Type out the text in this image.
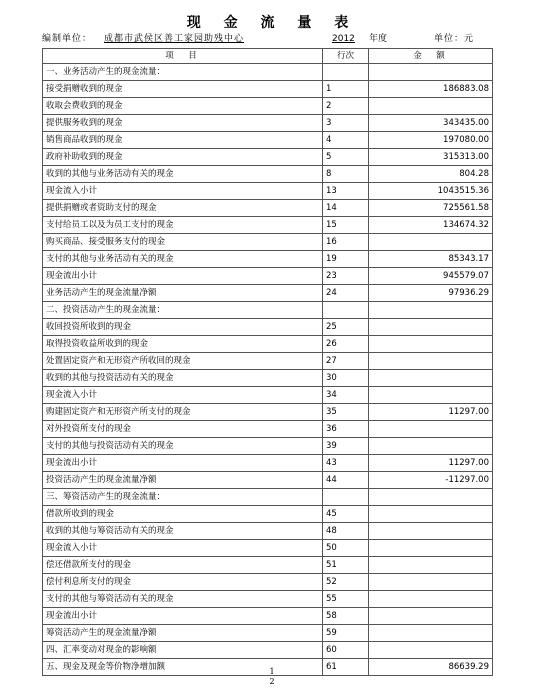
现 金 流 量 表
编制单位： 成都市武侯区善工家园助残中心	2012 年度	单位：元
项　目	行次	金　额
一、业务活动产生的现金流量：		
接受捐赠收到的现金	1	186883.08
收取会费收到的现金	2	
提供服务收到的现金	3	343435.00
销售商品收到的现金	4	197080.00
政府补助收到的现金	5	315313.00
收到的其他与业务活动有关的现金	8	804.28
现金流入小计	13	1043515.36
提供捐赠或者资助支付的现金	14	725561.58
支付给员工以及为员工支付的现金	15	134674.32
购买商品、接受服务支付的现金	16	
支付的其他与业务活动有关的现金	19	85343.17
现金流出小计	23	945579.07
业务活动产生的现金流量净额	24	97936.29
二、投资活动产生的现金流量：		
收回投资所收到的现金	25	
取得投资收益所收到的现金	26	
处置固定资产和无形资产所收回的现金	27	
收到的其他与投资活动有关的现金	30	
现金流入小计	34	
购建固定资产和无形资产所支付的现金	35	11297.00
对外投资所支付的现金	36	
支付的其他与投资活动有关的现金	39	
现金流出小计	43	11297.00
投资活动产生的现金流量净额	44	-11297.00
三、筹资活动产生的现金流量：		
借款所收到的现金	45	
收到的其他与筹资活动有关的现金	48	
现金流入小计	50	
偿还借款所支付的现金	51	
偿付利息所支付的现金	52	
支付的其他与筹资活动有关的现金	55	
现金流出小计	58	
筹资活动产生的现金流量净额	59	
四、汇率变动对现金的影响额	60	
五、现金及现金等价物净增加额	61	86639.29
1
2
